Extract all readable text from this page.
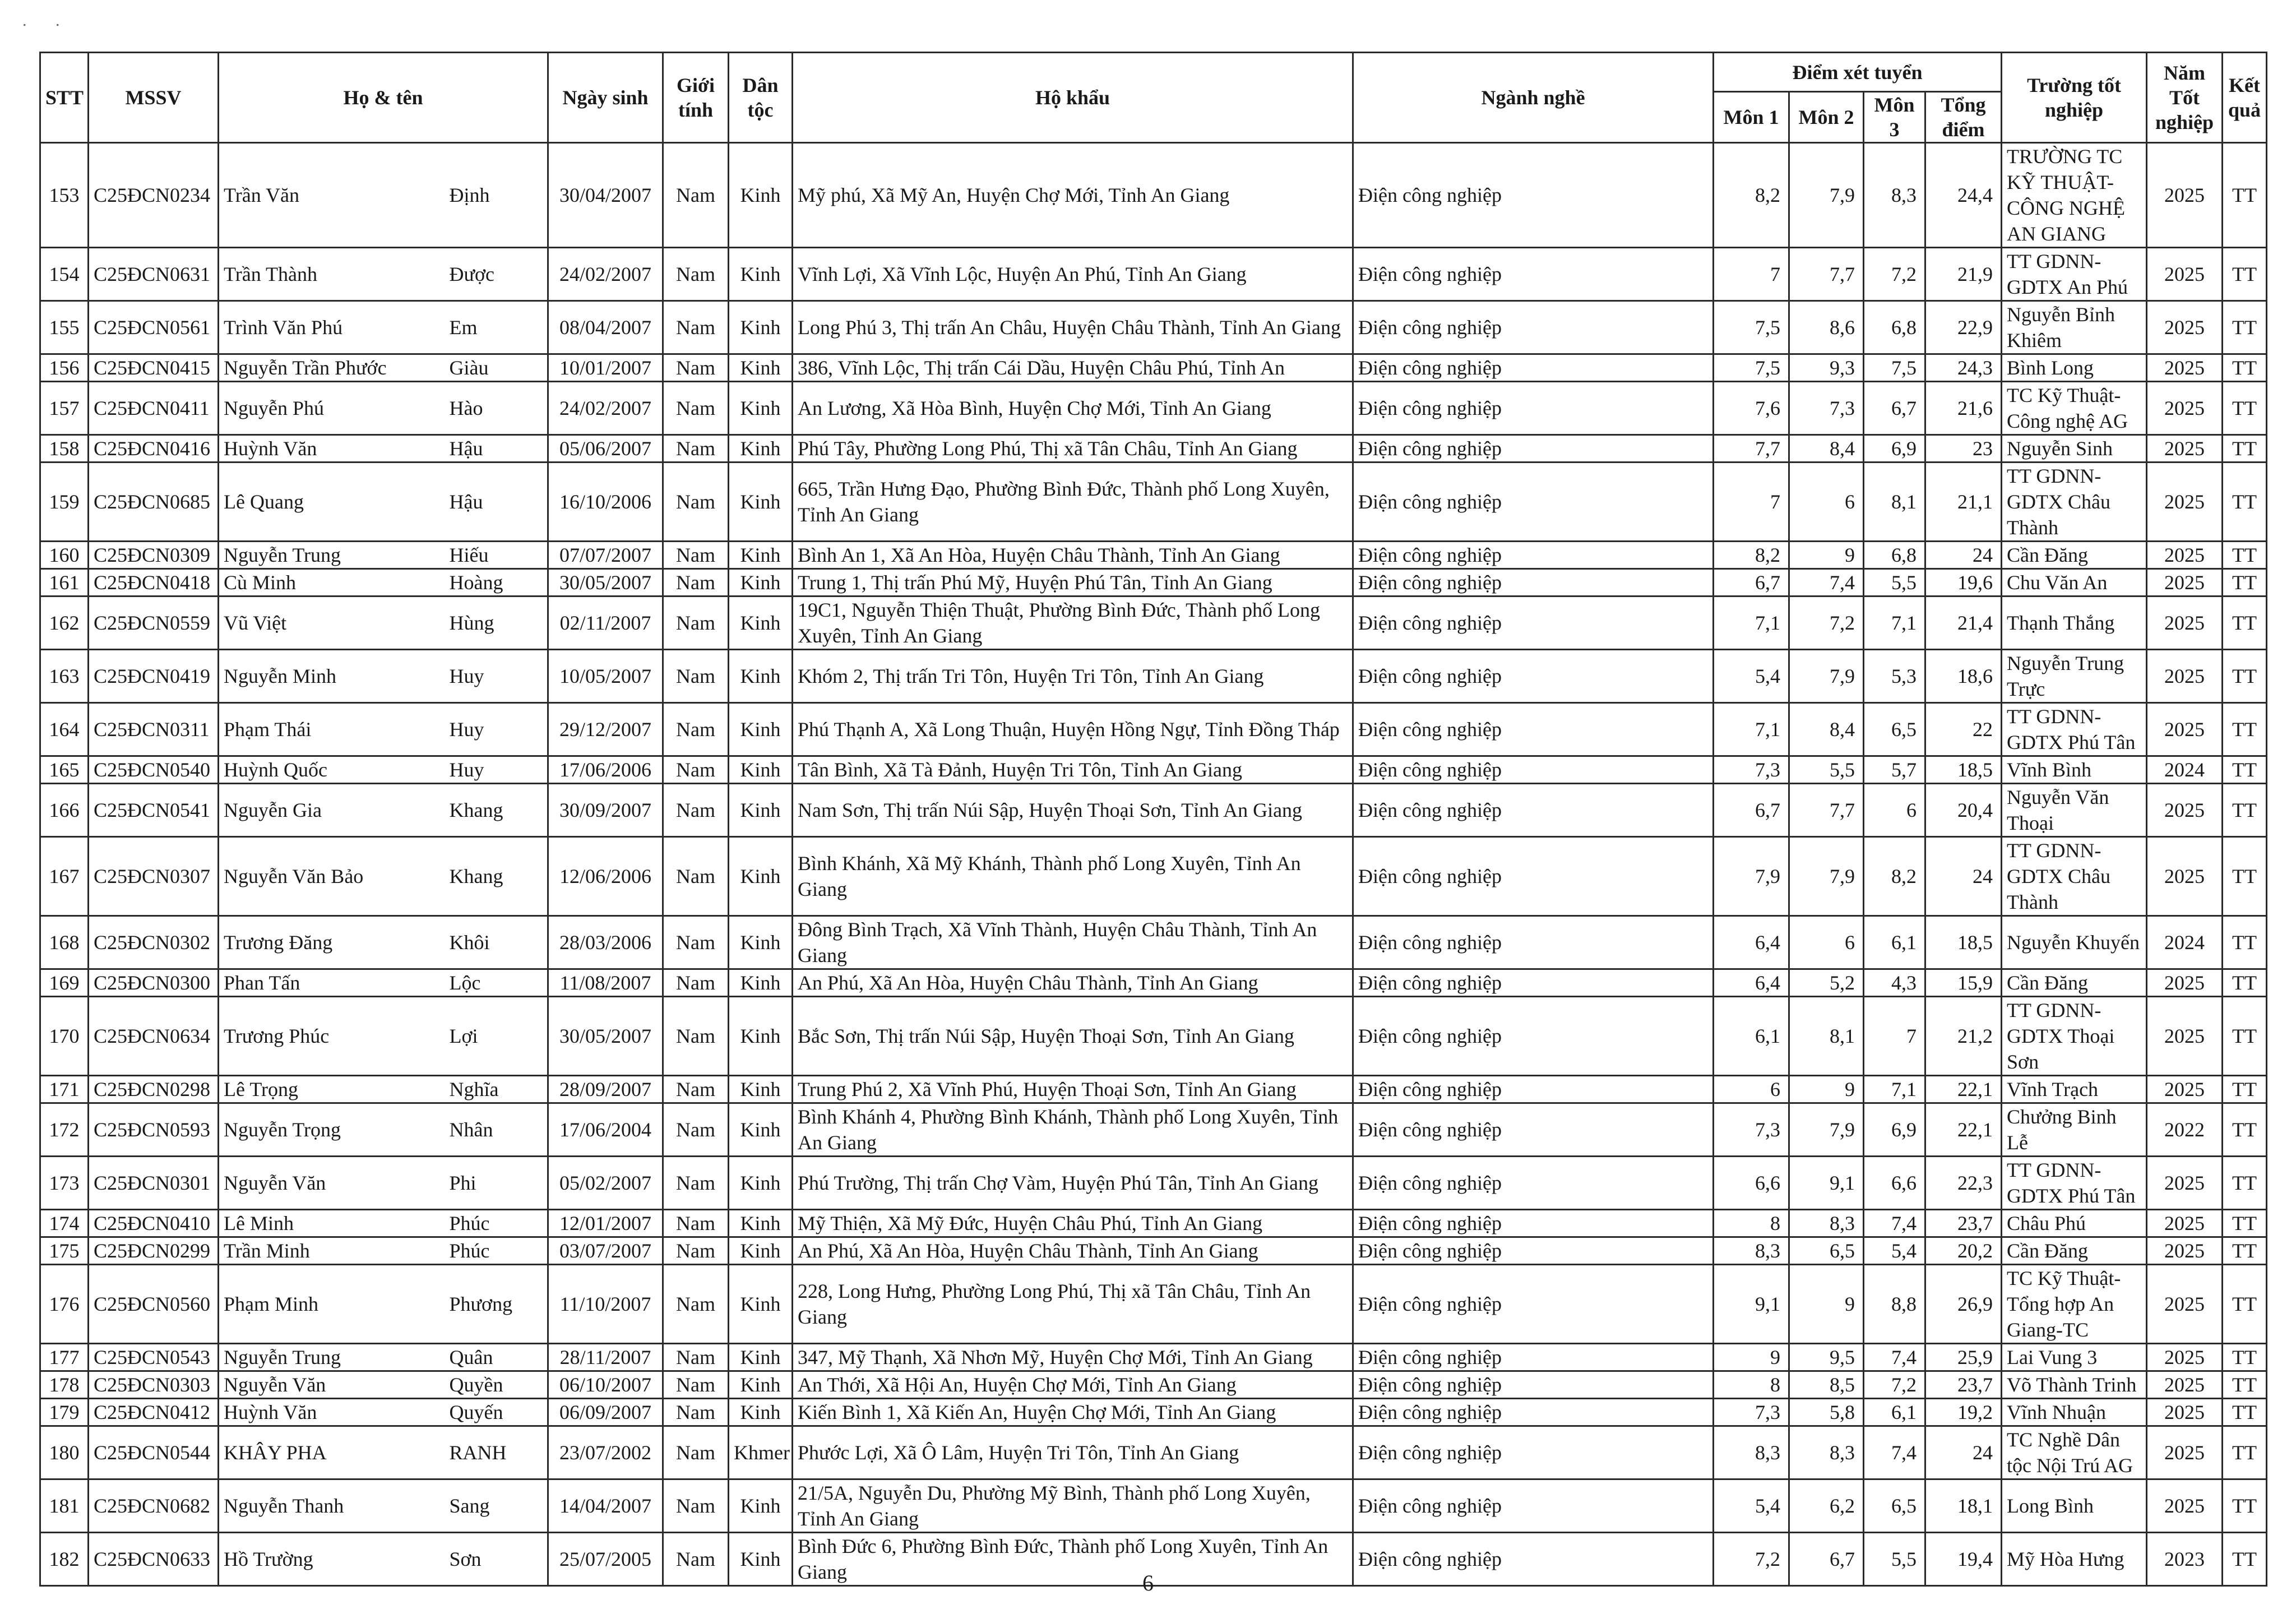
. .
STT	MSSV	Họ & tên		Ngày sinh	Giới tính	Dân tộc	Hộ khẩu	Ngành nghề	Điểm xét tuyển				Trường tốt nghiệp	Năm Tốt nghiệp	Kết quả
									Môn 1	Môn 2	Môn 3	Tổng điểm			
153	C25ĐCN0234	Trần Văn	Định	30/04/2007	Nam	Kinh	Mỹ phú, Xã Mỹ An, Huyện Chợ Mới, Tỉnh An Giang	Điện công nghiệp	8,2	7,9	8,3	24,4	TRƯỜNG TC KỸ THUẬT-CÔNG NGHỆ AN GIANG	2025	TT
154	C25ĐCN0631	Trần Thành	Được	24/02/2007	Nam	Kinh	Vĩnh Lợi, Xã Vĩnh Lộc, Huyện An Phú, Tỉnh An Giang	Điện công nghiệp	7	7,7	7,2	21,9	TT GDNN-GDTX An Phú	2025	TT
155	C25ĐCN0561	Trình Văn Phú	Em	08/04/2007	Nam	Kinh	Long Phú 3, Thị trấn An Châu, Huyện Châu Thành, Tỉnh An Giang	Điện công nghiệp	7,5	8,6	6,8	22,9	Nguyễn Bỉnh Khiêm	2025	TT
156	C25ĐCN0415	Nguyễn Trần Phước	Giàu	10/01/2007	Nam	Kinh	386, Vĩnh Lộc, Thị trấn Cái Dầu, Huyện Châu Phú, Tỉnh An	Điện công nghiệp	7,5	9,3	7,5	24,3	Bình Long	2025	TT
157	C25ĐCN0411	Nguyễn Phú	Hào	24/02/2007	Nam	Kinh	An Lương, Xã Hòa Bình, Huyện Chợ Mới, Tỉnh An Giang	Điện công nghiệp	7,6	7,3	6,7	21,6	TC Kỹ Thuật-Công nghệ AG	2025	TT
158	C25ĐCN0416	Huỳnh Văn	Hậu	05/06/2007	Nam	Kinh	Phú Tây, Phường Long Phú, Thị xã Tân Châu, Tỉnh An Giang	Điện công nghiệp	7,7	8,4	6,9	23	Nguyễn Sinh	2025	TT
159	C25ĐCN0685	Lê Quang	Hậu	16/10/2006	Nam	Kinh	665, Trần Hưng Đạo, Phường Bình Đức, Thành phố Long Xuyên, Tỉnh An Giang	Điện công nghiệp	7	6	8,1	21,1	TT GDNN-GDTX Châu Thành	2025	TT
160	C25ĐCN0309	Nguyễn Trung	Hiếu	07/07/2007	Nam	Kinh	Bình An 1, Xã An Hòa, Huyện Châu Thành, Tỉnh An Giang	Điện công nghiệp	8,2	9	6,8	24	Cần Đăng	2025	TT
161	C25ĐCN0418	Cù Minh	Hoàng	30/05/2007	Nam	Kinh	Trung 1, Thị trấn Phú Mỹ, Huyện Phú Tân, Tỉnh An Giang	Điện công nghiệp	6,7	7,4	5,5	19,6	Chu Văn An	2025	TT
162	C25ĐCN0559	Vũ Việt	Hùng	02/11/2007	Nam	Kinh	19C1, Nguyễn Thiện Thuật, Phường Bình Đức, Thành phố Long Xuyên, Tỉnh An Giang	Điện công nghiệp	7,1	7,2	7,1	21,4	Thạnh Thắng	2025	TT
163	C25ĐCN0419	Nguyễn Minh	Huy	10/05/2007	Nam	Kinh	Khóm 2, Thị trấn Tri Tôn, Huyện Tri Tôn, Tỉnh An Giang	Điện công nghiệp	5,4	7,9	5,3	18,6	Nguyễn Trung Trực	2025	TT
164	C25ĐCN0311	Phạm Thái	Huy	29/12/2007	Nam	Kinh	Phú Thạnh A, Xã Long Thuận, Huyện Hồng Ngự, Tỉnh Đồng Tháp	Điện công nghiệp	7,1	8,4	6,5	22	TT GDNN-GDTX Phú Tân	2025	TT
165	C25ĐCN0540	Huỳnh Quốc	Huy	17/06/2006	Nam	Kinh	Tân Bình, Xã Tà Đảnh, Huyện Tri Tôn, Tỉnh An Giang	Điện công nghiệp	7,3	5,5	5,7	18,5	Vĩnh Bình	2024	TT
166	C25ĐCN0541	Nguyễn Gia	Khang	30/09/2007	Nam	Kinh	Nam Sơn, Thị trấn Núi Sập, Huyện Thoại Sơn, Tỉnh An Giang	Điện công nghiệp	6,7	7,7	6	20,4	Nguyễn Văn Thoại	2025	TT
167	C25ĐCN0307	Nguyễn Văn Bảo	Khang	12/06/2006	Nam	Kinh	Bình Khánh, Xã Mỹ Khánh, Thành phố Long Xuyên, Tỉnh An Giang	Điện công nghiệp	7,9	7,9	8,2	24	TT GDNN-GDTX Châu Thành	2025	TT
168	C25ĐCN0302	Trương Đăng	Khôi	28/03/2006	Nam	Kinh	Đông Bình Trạch, Xã Vĩnh Thành, Huyện Châu Thành, Tỉnh An Giang	Điện công nghiệp	6,4	6	6,1	18,5	Nguyễn Khuyến	2024	TT
169	C25ĐCN0300	Phan Tấn	Lộc	11/08/2007	Nam	Kinh	An Phú, Xã An Hòa, Huyện Châu Thành, Tỉnh An Giang	Điện công nghiệp	6,4	5,2	4,3	15,9	Cần Đăng	2025	TT
170	C25ĐCN0634	Trương Phúc	Lợi	30/05/2007	Nam	Kinh	Bắc Sơn, Thị trấn Núi Sập, Huyện Thoại Sơn, Tỉnh An Giang	Điện công nghiệp	6,1	8,1	7	21,2	TT GDNN-GDTX Thoại Sơn	2025	TT
171	C25ĐCN0298	Lê Trọng	Nghĩa	28/09/2007	Nam	Kinh	Trung Phú 2, Xã Vĩnh Phú, Huyện Thoại Sơn, Tỉnh An Giang	Điện công nghiệp	6	9	7,1	22,1	Vĩnh Trạch	2025	TT
172	C25ĐCN0593	Nguyễn Trọng	Nhân	17/06/2004	Nam	Kinh	Bình Khánh 4, Phường Bình Khánh, Thành phố Long Xuyên, Tỉnh An Giang	Điện công nghiệp	7,3	7,9	6,9	22,1	Chưởng Binh Lễ	2022	TT
173	C25ĐCN0301	Nguyễn Văn	Phi	05/02/2007	Nam	Kinh	Phú Trường, Thị trấn Chợ Vàm, Huyện Phú Tân, Tỉnh An Giang	Điện công nghiệp	6,6	9,1	6,6	22,3	TT GDNN-GDTX Phú Tân	2025	TT
174	C25ĐCN0410	Lê Minh	Phúc	12/01/2007	Nam	Kinh	Mỹ Thiện, Xã Mỹ Đức, Huyện Châu Phú, Tỉnh An Giang	Điện công nghiệp	8	8,3	7,4	23,7	Châu Phú	2025	TT
175	C25ĐCN0299	Trần Minh	Phúc	03/07/2007	Nam	Kinh	An Phú, Xã An Hòa, Huyện Châu Thành, Tỉnh An Giang	Điện công nghiệp	8,3	6,5	5,4	20,2	Cần Đăng	2025	TT
176	C25ĐCN0560	Phạm Minh	Phương	11/10/2007	Nam	Kinh	228, Long Hưng, Phường Long Phú, Thị xã Tân Châu, Tỉnh An Giang	Điện công nghiệp	9,1	9	8,8	26,9	TC Kỹ Thuật-Tổng hợp An Giang-TC	2025	TT
177	C25ĐCN0543	Nguyễn Trung	Quân	28/11/2007	Nam	Kinh	347, Mỹ Thạnh, Xã Nhơn Mỹ, Huyện Chợ Mới, Tỉnh An Giang	Điện công nghiệp	9	9,5	7,4	25,9	Lai Vung 3	2025	TT
178	C25ĐCN0303	Nguyễn Văn	Quyền	06/10/2007	Nam	Kinh	An Thới, Xã Hội An, Huyện Chợ Mới, Tỉnh An Giang	Điện công nghiệp	8	8,5	7,2	23,7	Võ Thành Trinh	2025	TT
179	C25ĐCN0412	Huỳnh Văn	Quyến	06/09/2007	Nam	Kinh	Kiến Bình 1, Xã Kiến An, Huyện Chợ Mới, Tỉnh An Giang	Điện công nghiệp	7,3	5,8	6,1	19,2	Vĩnh Nhuận	2025	TT
180	C25ĐCN0544	KHÂY PHA	RANH	23/07/2002	Nam	Khmer	Phước Lợi, Xã Ô Lâm, Huyện Tri Tôn, Tỉnh An Giang	Điện công nghiệp	8,3	8,3	7,4	24	TC Nghề Dân tộc Nội Trú AG	2025	TT
181	C25ĐCN0682	Nguyễn Thanh	Sang	14/04/2007	Nam	Kinh	21/5A, Nguyễn Du, Phường Mỹ Bình, Thành phố Long Xuyên, Tỉnh An Giang	Điện công nghiệp	5,4	6,2	6,5	18,1	Long Bình	2025	TT
182	C25ĐCN0633	Hồ Trường	Sơn	25/07/2005	Nam	Kinh	Bình Đức 6, Phường Bình Đức, Thành phố Long Xuyên, Tỉnh An Giang	Điện công nghiệp	7,2	6,7	5,5	19,4	Mỹ Hòa Hưng	2023	TT
6
